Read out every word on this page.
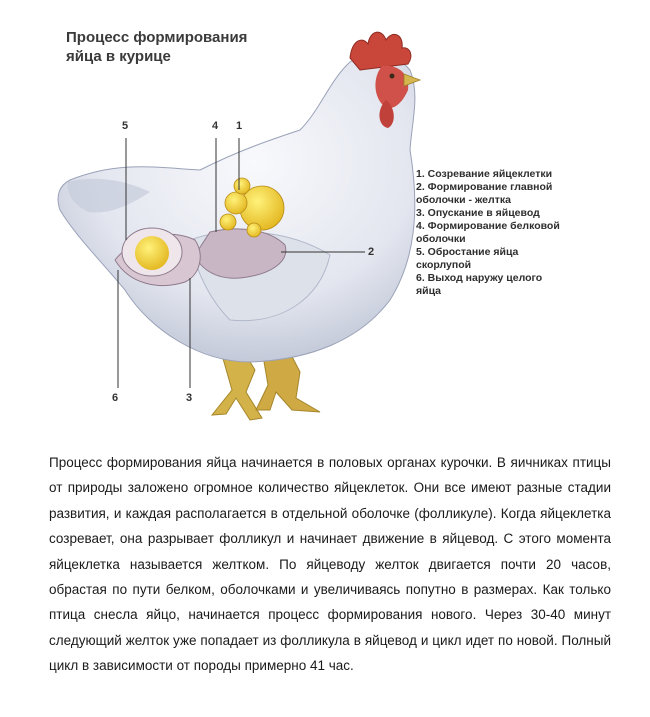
Процесс формирования
яйца в курице
1
2
3
4
5
6
1. Созревание яйцеклетки
2. Формирование главной
оболочки - желтка
3. Опускание в яйцевод
4. Формирование белковой
оболочки
5. Обростание яйца
скорлупой
6. Выход наружу целого
яйца

Процесс формирования яйца начинается в половых органах курочки. В яичниках птицы от природы заложено огромное количество яйцеклеток. Они все имеют разные стадии развития, и каждая располагается в отдельной оболочке (фолликуле). Когда яйцеклетка созревает, она разрывает фолликул и начинает движение в яйцевод. С этого момента яйцеклетка называется желтком. По яйцеводу желток двигается почти 20 часов, обрастая по пути белком, оболочками и увеличиваясь попутно в размерах. Как только птица снесла яйцо, начинается процесс формирования нового. Через 30-40 минут следующий желток уже попадает из фолликула в яйцевод и цикл идет по новой. Полный цикл в зависимости от породы примерно 41 час.
